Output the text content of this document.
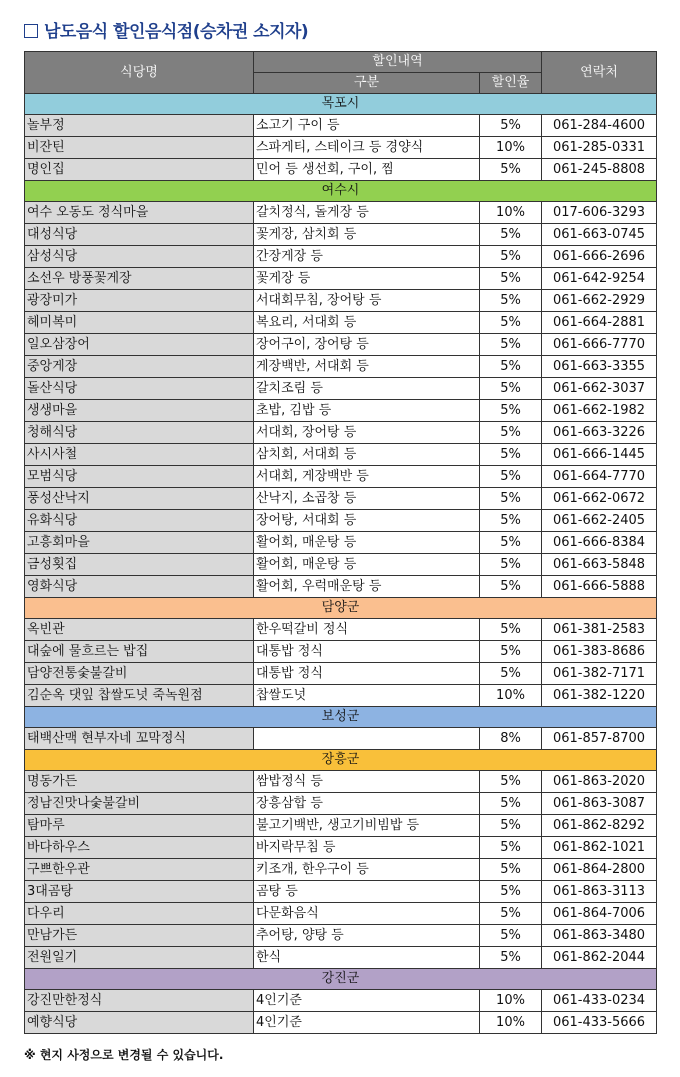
남도음식 할인음식점(승차권 소지자)
식당명	할인내역		연락처
	구분	할인율	
목포시			
놀부정	소고기 구이 등	5%	061-284-4600
비잔틴	스파게티, 스테이크 등 경양식	10%	061-285-0331
명인집	민어 등 생선회, 구이, 찜	5%	061-245-8808
여수시			
여수 오동도 정식마을	갈치정식, 돌게장 등	10%	017-606-3293
대성식당	꽃게장, 삼치회 등	5%	061-663-0745
삼성식당	간장게장 등	5%	061-666-2696
소선우 방풍꽃게장	꽃게장 등	5%	061-642-9254
광장미가	서대회무침, 장어탕 등	5%	061-662-2929
헤미복미	복요리, 서대회 등	5%	061-664-2881
일오삼장어	장어구이, 장어탕 등	5%	061-666-7770
중앙게장	게장백반, 서대회 등	5%	061-663-3355
돌산식당	갈치조림 등	5%	061-662-3037
생생마을	초밥, 김밥 등	5%	061-662-1982
청해식당	서대회, 장어탕 등	5%	061-663-3226
사시사철	삼치회, 서대회 등	5%	061-666-1445
모범식당	서대회, 게장백반 등	5%	061-664-7770
풍성산낙지	산낙지, 소곱창 등	5%	061-662-0672
유화식당	장어탕, 서대회 등	5%	061-662-2405
고흥회마을	활어회, 매운탕 등	5%	061-666-8384
금성횟집	활어회, 매운탕 등	5%	061-663-5848
영화식당	활어회, 우럭매운탕 등	5%	061-666-5888
담양군			
옥빈관	한우떡갈비 정식	5%	061-381-2583
대숲에 물흐르는 밥집	대통밥 정식	5%	061-383-8686
담양전통숯불갈비	대통밥 정식	5%	061-382-7171
김순옥 댓잎 찹쌀도넛 죽녹원점	찹쌀도넛	10%	061-382-1220
보성군			
태백산맥 현부자네 꼬막정식		8%	061-857-8700
장흥군			
명동가든	쌈밥정식 등	5%	061-863-2020
정남진맛나숯불갈비	장흥삼합 등	5%	061-863-3087
탐마루	불고기백반, 생고기비빔밥 등	5%	061-862-8292
바다하우스	바지락무침 등	5%	061-862-1021
구쁘한우관	키조개, 한우구이 등	5%	061-864-2800
3대곰탕	곰탕 등	5%	061-863-3113
다우리	다문화음식	5%	061-864-7006
만남가든	추어탕, 양탕 등	5%	061-863-3480
전원일기	한식	5%	061-862-2044
강진군			
강진만한정식	4인기준	10%	061-433-0234
예향식당	4인기준	10%	061-433-5666
※ 현지 사정으로 변경될 수 있습니다.
